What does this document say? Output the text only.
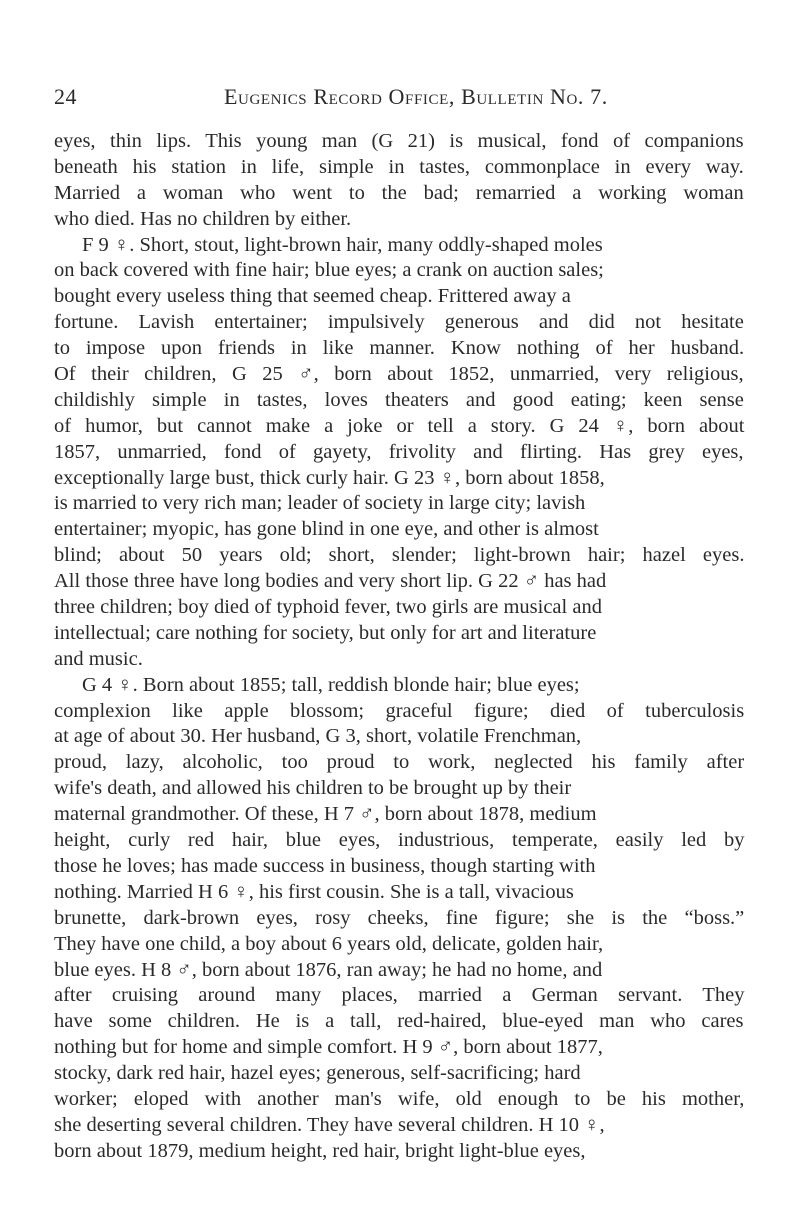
24	Eugenics Record Office, Bulletin No. 7.
eyes, thin lips. This young man (G 21) is musical, fond of companions
beneath his station in life, simple in tastes, commonplace in every way.
Married a woman who went to the bad; remarried a working woman
who died. Has no children by either.
F 9 ♀. Short, stout, light-brown hair, many oddly-shaped moles
on back covered with fine hair; blue eyes; a crank on auction sales;
bought every useless thing that seemed cheap. Frittered away a
fortune. Lavish entertainer; impulsively generous and did not hesitate
to impose upon friends in like manner. Know nothing of her husband.
Of their children, G 25 ♂, born about 1852, unmarried, very religious,
childishly simple in tastes, loves theaters and good eating; keen sense
of humor, but cannot make a joke or tell a story. G 24 ♀, born about
1857, unmarried, fond of gayety, frivolity and flirting. Has grey eyes,
exceptionally large bust, thick curly hair. G 23 ♀, born about 1858,
is married to very rich man; leader of society in large city; lavish
entertainer; myopic, has gone blind in one eye, and other is almost
blind; about 50 years old; short, slender; light-brown hair; hazel eyes.
All those three have long bodies and very short lip. G 22 ♂ has had
three children; boy died of typhoid fever, two girls are musical and
intellectual; care nothing for society, but only for art and literature
and music.
G 4 ♀. Born about 1855; tall, reddish blonde hair; blue eyes;
complexion like apple blossom; graceful figure; died of tuberculosis
at age of about 30. Her husband, G 3, short, volatile Frenchman,
proud, lazy, alcoholic, too proud to work, neglected his family after
wife's death, and allowed his children to be brought up by their
maternal grandmother. Of these, H 7 ♂, born about 1878, medium
height, curly red hair, blue eyes, industrious, temperate, easily led by
those he loves; has made success in business, though starting with
nothing. Married H 6 ♀, his first cousin. She is a tall, vivacious
brunette, dark-brown eyes, rosy cheeks, fine figure; she is the “boss.”
They have one child, a boy about 6 years old, delicate, golden hair,
blue eyes. H 8 ♂, born about 1876, ran away; he had no home, and
after cruising around many places, married a German servant. They
have some children. He is a tall, red-haired, blue-eyed man who cares
nothing but for home and simple comfort. H 9 ♂, born about 1877,
stocky, dark red hair, hazel eyes; generous, self-sacrificing; hard
worker; eloped with another man's wife, old enough to be his mother,
she deserting several children. They have several children. H 10 ♀,
born about 1879, medium height, red hair, bright light-blue eyes,
